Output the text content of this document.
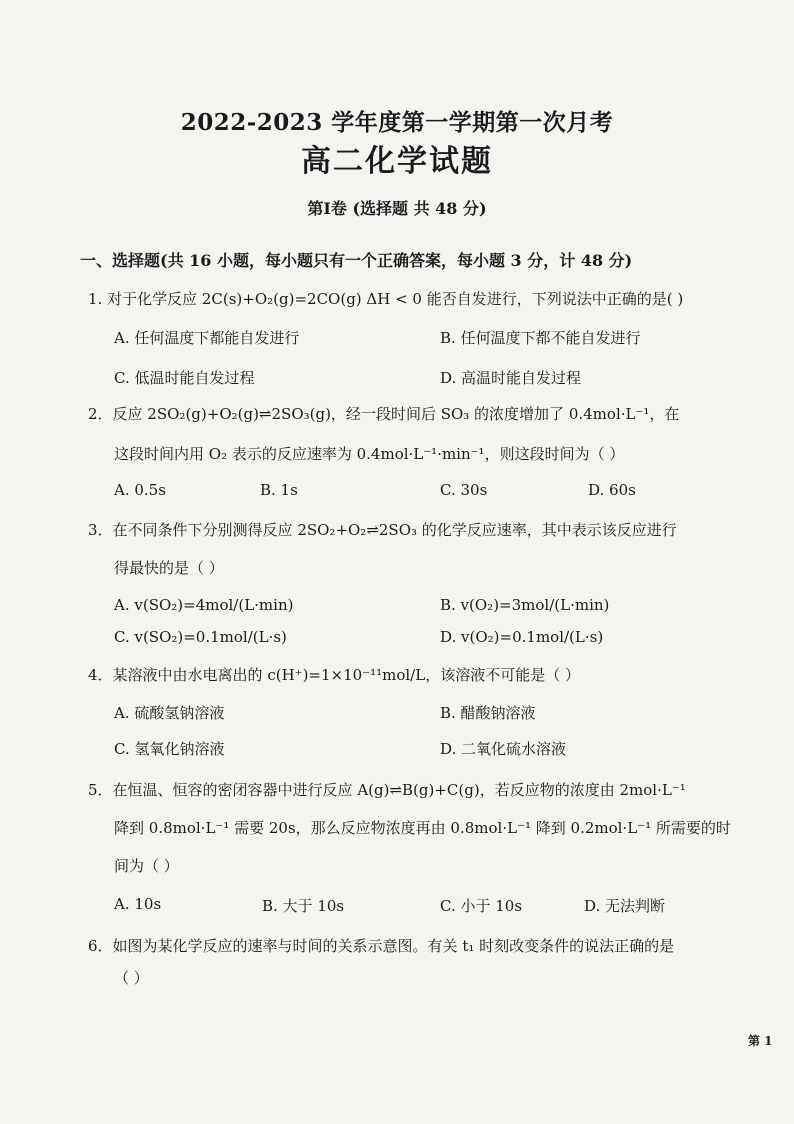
2022-2023 学年度第一学期第一次月考
高二化学试题
第Ⅰ卷 (选择题 共 48 分)
一、选择题(共 16 小题，每小题只有一个正确答案，每小题 3 分，计 48 分)
1. 对于化学反应 2C(s)+O₂(g)=2CO(g) ΔH < 0 能否自发进行，下列说法中正确的是( )
A. 任何温度下都能自发进行	B. 任何温度下都不能自发进行
C. 低温时能自发过程	D. 高温时能自发过程
2．反应 2SO₂(g)+O₂(g)⇌2SO₃(g)，经一段时间后 SO₃ 的浓度增加了 0.4mol·L⁻¹，在
这段时间内用 O₂ 表示的反应速率为 0.4mol·L⁻¹·min⁻¹，则这段时间为（ ）
A. 0.5s	B. 1s	C. 30s	D. 60s
3．在不同条件下分别测得反应 2SO₂+O₂⇌2SO₃ 的化学反应速率，其中表示该反应进行
得最快的是（ ）
A. v(SO₂)=4mol/(L·min)	B. v(O₂)=3mol/(L·min)
C. v(SO₂)=0.1mol/(L·s)	D. v(O₂)=0.1mol/(L·s)
4．某溶液中由水电离出的 c(H⁺)=1×10⁻¹¹mol/L，该溶液不可能是（ ）
A. 硫酸氢钠溶液	B. 醋酸钠溶液
C. 氢氧化钠溶液	D. 二氧化硫水溶液
5．在恒温、恒容的密闭容器中进行反应 A(g)⇌B(g)+C(g)，若反应物的浓度由 2mol·L⁻¹
降到 0.8mol·L⁻¹ 需要 20s，那么反应物浓度再由 0.8mol·L⁻¹ 降到 0.2mol·L⁻¹ 所需要的时
间为（ ）
A. 10s	B. 大于 10s	C. 小于 10s	D. 无法判断
6．如图为某化学反应的速率与时间的关系示意图。有关 t₁ 时刻改变条件的说法正确的是
（ ）
第 1
